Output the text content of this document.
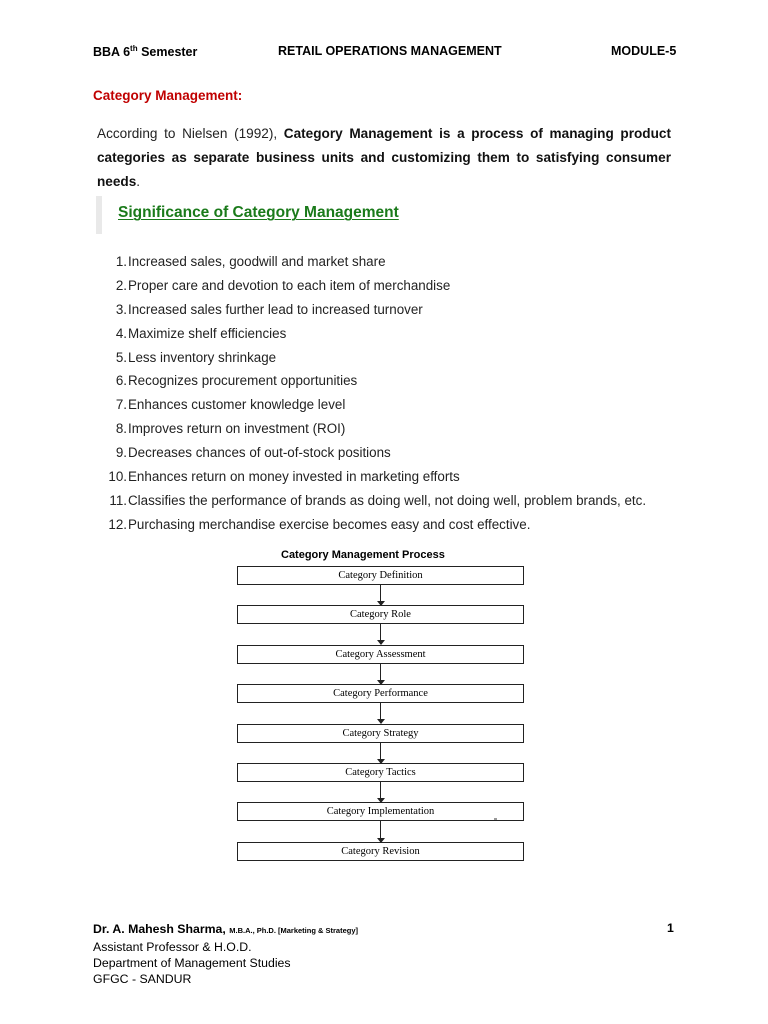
BBA 6th Semester	RETAIL OPERATIONS MANAGEMENT	MODULE-5
Category Management:
According to Nielsen (1992), Category Management is a process of managing product categories as separate business units and customizing them to satisfying consumer needs.
Significance of Category Management
1.Increased sales, goodwill and market share
2.Proper care and devotion to each item of merchandise
3.Increased sales further lead to increased turnover
4.Maximize shelf efficiencies
5.Less inventory shrinkage
6.Recognizes procurement opportunities
7.Enhances customer knowledge level
8.Improves return on investment (ROI)
9.Decreases chances of out-of-stock positions
10.Enhances return on money invested in marketing efforts
11.Classifies the performance of brands as doing well, not doing well, problem brands, etc.
12.Purchasing merchandise exercise becomes easy and cost effective.
Category Management Process
Category Definition
Category Role
Category Assessment
Category Performance
Category Strategy
Category Tactics
Category Implementation
Category Revision
Dr. A. Mahesh Sharma, M.B.A., Ph.D. [Marketing & Strategy]
Assistant Professor & H.O.D.
Department of Management Studies
GFGC - SANDUR
1
